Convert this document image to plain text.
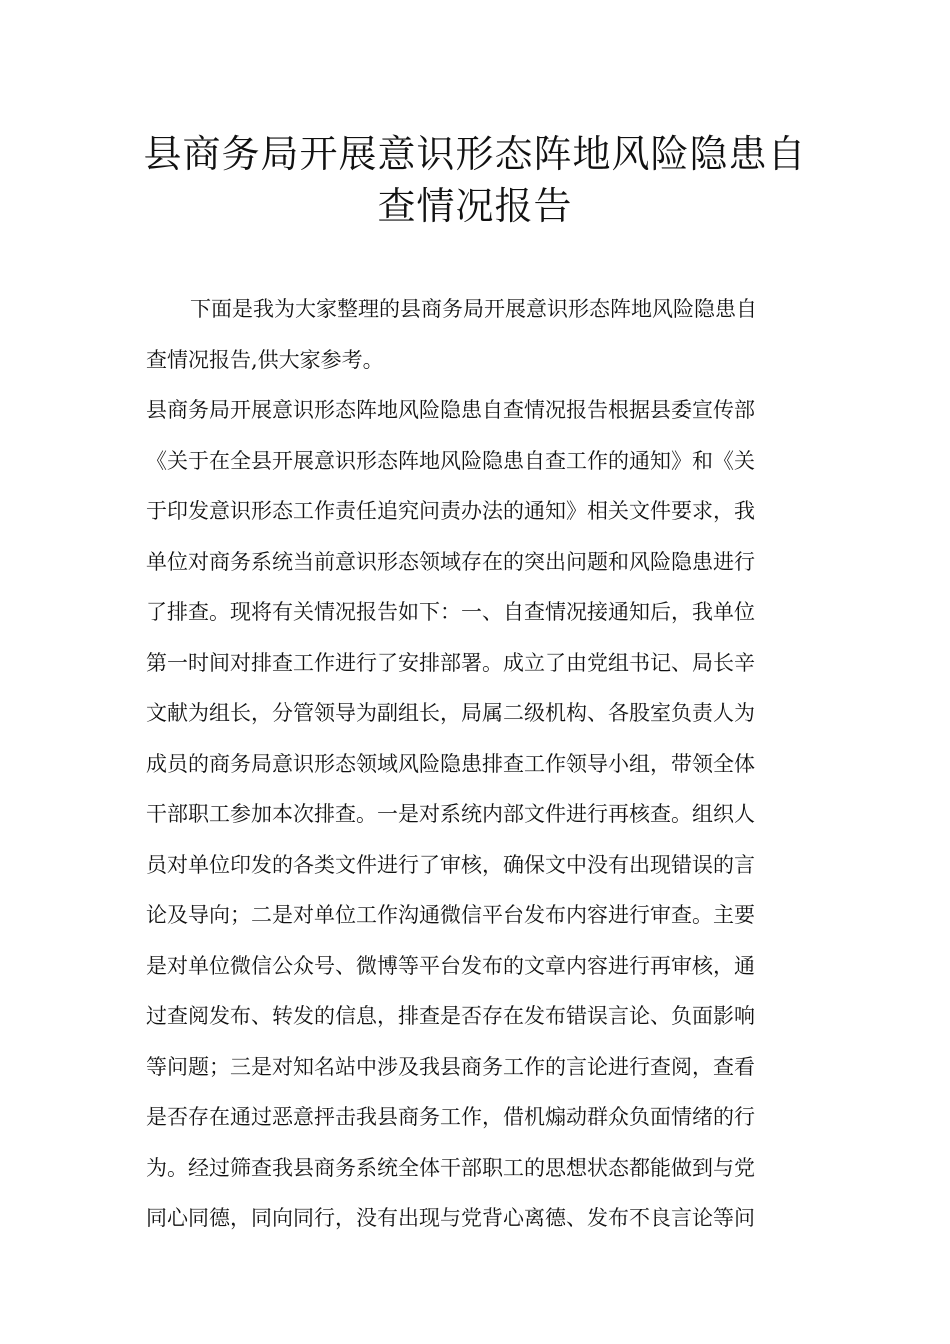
县商务局开展意识形态阵地风险隐患自
查情况报告
下面是我为大家整理的县商务局开展意识形态阵地风险隐患自
查情况报告,供大家参考。
县商务局开展意识形态阵地风险隐患自查情况报告根据县委宣传部
《关于在全县开展意识形态阵地风险隐患自查工作的通知》和《关
于印发意识形态工作责任追究问责办法的通知》相关文件要求，我
单位对商务系统当前意识形态领域存在的突出问题和风险隐患进行
了排查。现将有关情况报告如下：一、自查情况接通知后，我单位
第一时间对排查工作进行了安排部署。成立了由党组书记、局长辛
文献为组长，分管领导为副组长，局属二级机构、各股室负责人为
成员的商务局意识形态领域风险隐患排查工作领导小组，带领全体
干部职工参加本次排查。一是对系统内部文件进行再核查。组织人
员对单位印发的各类文件进行了审核，确保文中没有出现错误的言
论及导向；二是对单位工作沟通微信平台发布内容进行审查。主要
是对单位微信公众号、微博等平台发布的文章内容进行再审核，通
过查阅发布、转发的信息，排查是否存在发布错误言论、负面影响
等问题；三是对知名站中涉及我县商务工作的言论进行查阅，查看
是否存在通过恶意抨击我县商务工作，借机煽动群众负面情绪的行
为。经过筛查我县商务系统全体干部职工的思想状态都能做到与党
同心同德，同向同行，没有出现与党背心离德、发布不良言论等问
